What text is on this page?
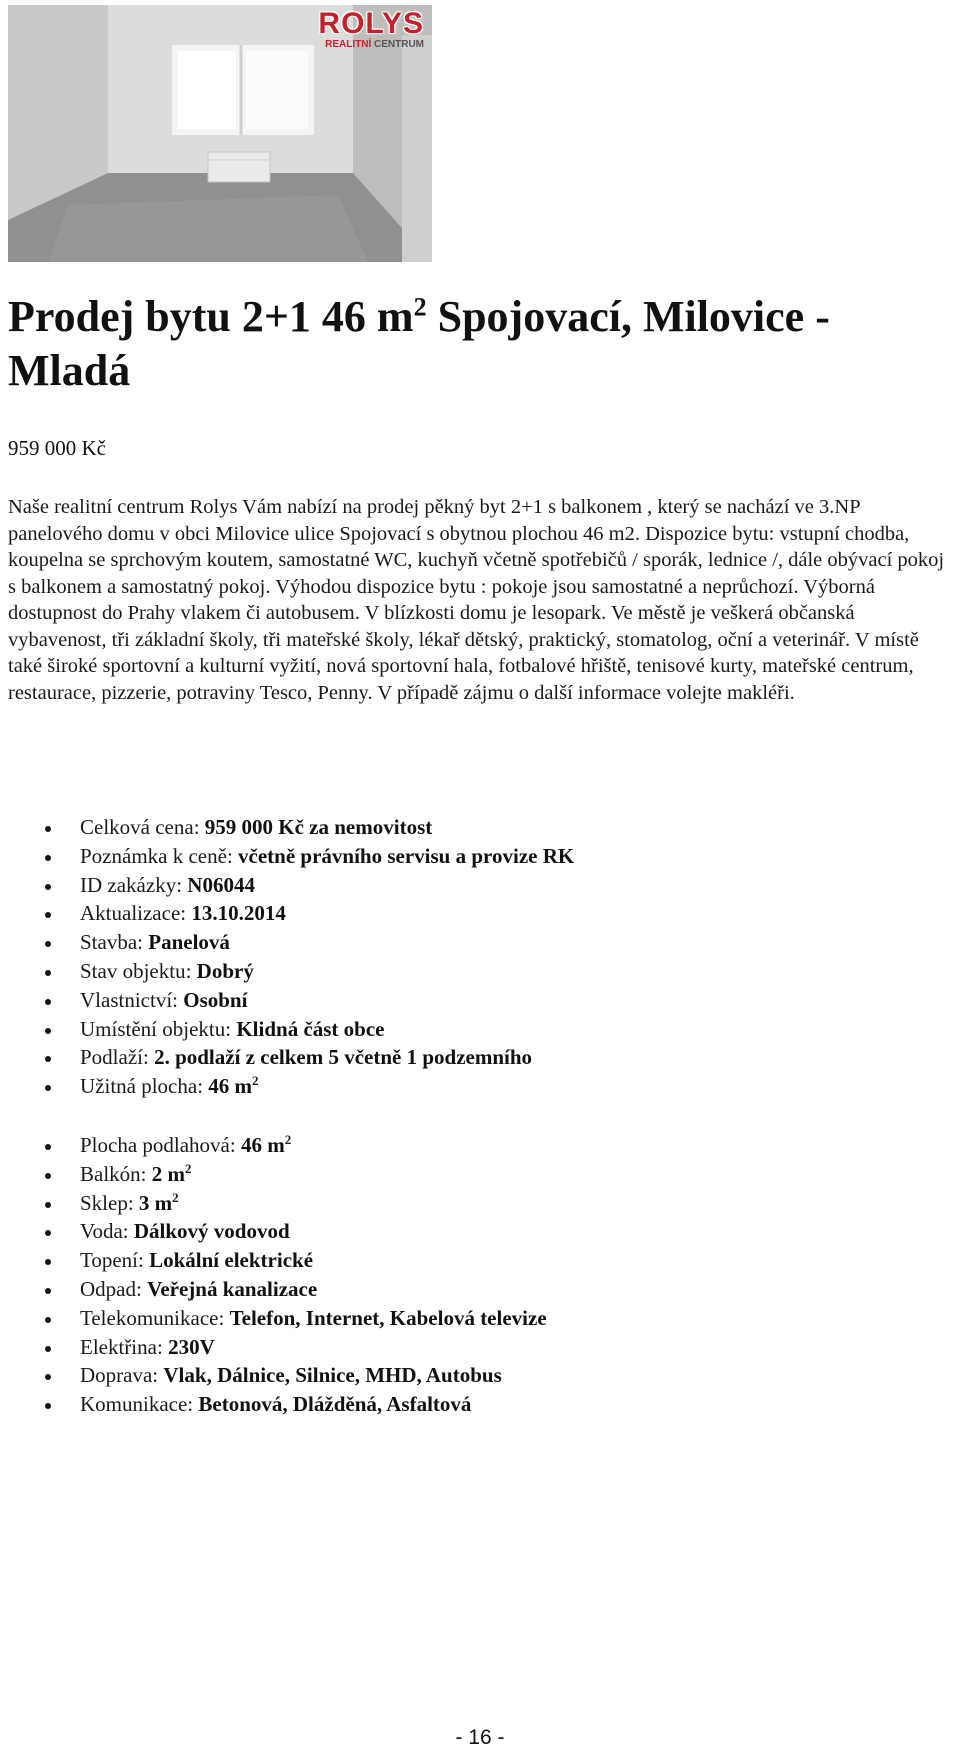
ROLYS
REALITNÍ CENTRUM
Prodej bytu 2+1 46 $m^2$ Spojovací, Milovice - Mladá
959 000 Kč

Naše realitní centrum Rolys Vám nabízí na prodej pěkný byt 2+1 s balkonem , který se nachází ve 3.NP panelového domu v obci Milovice ulice Spojovací s obytnou plochou 46 m2. Dispozice bytu: vstupní chodba, koupelna se sprchovým koutem, samostatné WC, kuchyň včetně spotřebičů / sporák, lednice /, dále obývací pokoj s balkonem a samostatný pokoj. Výhodou dispozice bytu : pokoje jsou samostatné a neprůchozí. Výborná dostupnost do Prahy vlakem či autobusem. V blízkosti domu je lesopark. Ve městě je veškerá občanská vybavenost, tři základní školy, tři mateřské školy, lékař dětský, praktický, stomatolog, oční a veterinář. V místě také široké sportovní a kulturní vyžití, nová sportovní hala, fotbalové hřiště, tenisové kurty, mateřské centrum, restaurace, pizzerie, potraviny Tesco, Penny. V případě zájmu o další informace volejte makléři.

Celková cena: 959 000 Kč za nemovitost
Poznámka k ceně: včetně právního servisu a provize RK
ID zakázky: N06044
Aktualizace: 13.10.2014
Stavba: Panelová
Stav objektu: Dobrý
Vlastnictví: Osobní
Umístění objektu: Klidná část obce
Podlaží: 2. podlaží z celkem 5 včetně 1 podzemního
Užitná plocha: 46 $m^2$
Plocha podlahová: 46 $m^2$
Balkón: 2 $m^2$
Sklep: 3 $m^2$
Voda: Dálkový vodovod
Topení: Lokální elektrické
Odpad: Veřejná kanalizace
Telekomunikace: Telefon, Internet, Kabelová televize
Elektřina: 230V
Doprava: Vlak, Dálnice, Silnice, MHD, Autobus
Komunikace: Betonová, Dlážděná, Asfaltová
- 16 -
